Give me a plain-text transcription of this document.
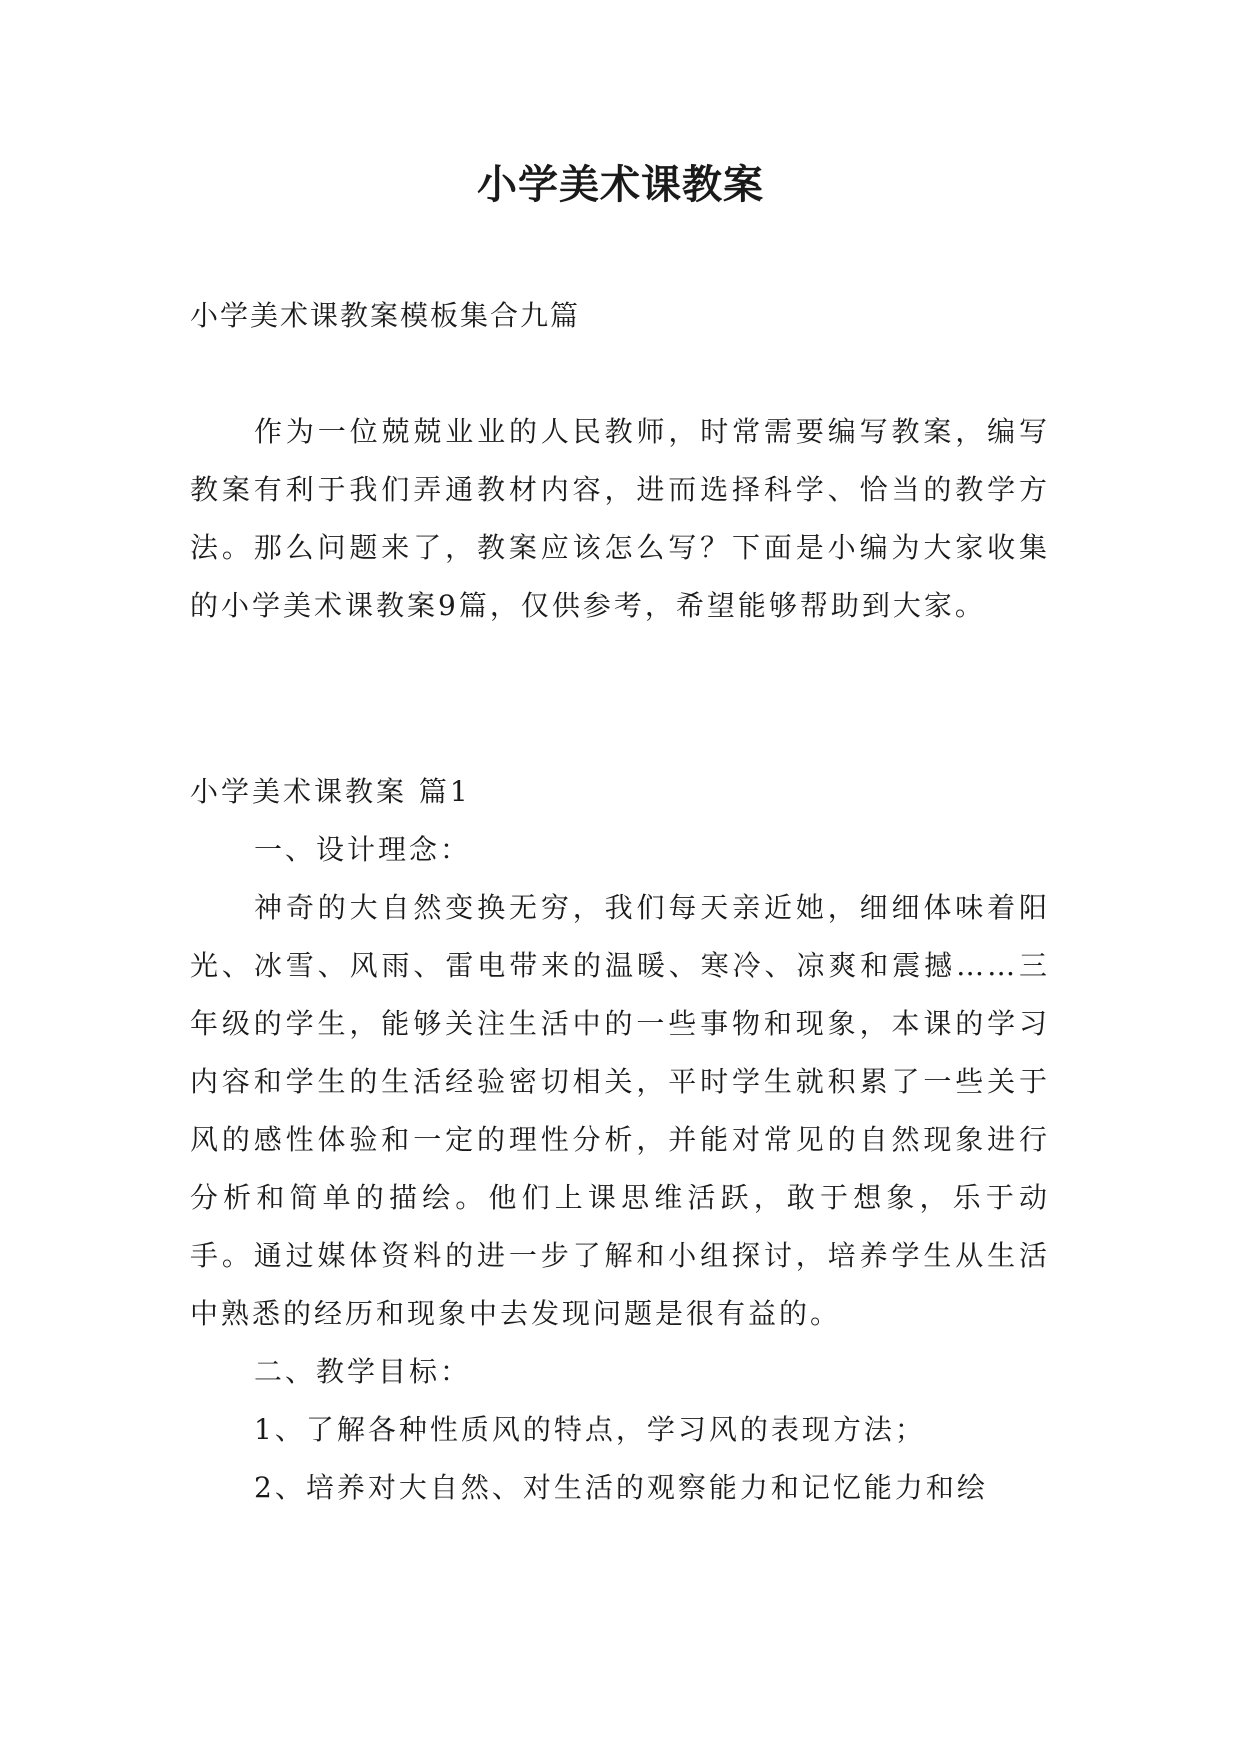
小学美术课教案
小学美术课教案模板集合九篇

作为一位兢兢业业的人民教师，时常需要编写教案，编写教案有利于我们弄通教材内容，进而选择科学、恰当的教学方法。那么问题来了，教案应该怎么写？下面是小编为大家收集的小学美术课教案9篇，仅供参考，希望能够帮助到大家。

小学美术课教案 篇1

一、设计理念：

神奇的大自然变换无穷，我们每天亲近她，细细体味着阳光、冰雪、风雨、雷电带来的温暖、寒冷、凉爽和震撼……三年级的学生，能够关注生活中的一些事物和现象，本课的学习内容和学生的生活经验密切相关，平时学生就积累了一些关于风的感性体验和一定的理性分析，并能对常见的自然现象进行分析和简单的描绘。他们上课思维活跃，敢于想象，乐于动手。通过媒体资料的进一步了解和小组探讨，培养学生从生活中熟悉的经历和现象中去发现问题是很有益的。

二、教学目标：

1、了解各种性质风的特点，学习风的表现方法；

2、培养对大自然、对生活的观察能力和记忆能力和绘
